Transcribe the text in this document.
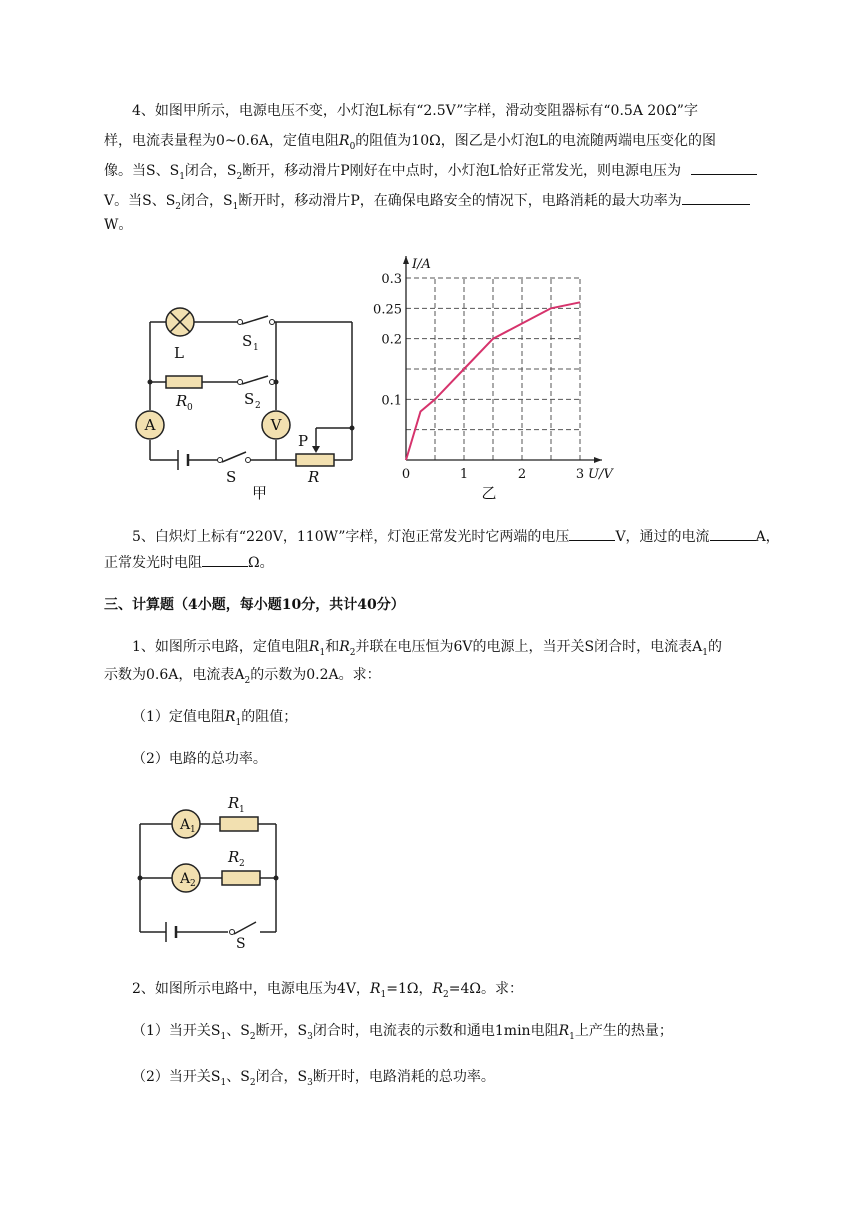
4、如图甲所示，电源电压不变，小灯泡L标有“2.5V”字样，滑动变阻器标有“0.5A 20Ω”字
样，电流表量程为0~0.6A，定值电阻$R_0$的阻值为10Ω，图乙是小灯泡L的电流随两端电压变化的图
像。当S、$S_1$闭合，$S_2$断开，移动滑片P刚好在中点时，小灯泡L恰好正常发光，则电源电压为
V。当S、$S_2$闭合，$S_1$断开时，移动滑片P，在确保电路安全的情况下，电路消耗的最大功率为
W。
A	V
L
S 1
R 0	S 2
P
S	R
甲
0	1	2	3
0.1
0.2
0.25
0.3
U/V
I/A
乙
5、白炽灯上标有“220V，110W”字样，灯泡正常发光时它两端的电压	V，通过的电流	A，
正常发光时电阻	Ω。
三、计算题（4小题，每小题10分，共计40分）
1、如图所示电路，定值电阻$R_1$和$R_2$并联在电压恒为6V的电源上，当开关S闭合时，电流表$A_1$的
示数为0.6A，电流表$A_2$的示数为0.2A。求：
（1）定值电阻$R_1$的阻值；
（2）电路的总功率。
A 1
A 2
R 1
R 2
S
2、如图所示电路中，电源电压为4V，$R_1=1\Omega$，$R_2=4\Omega$。求：
（1）当开关$S_1$、$S_2$断开，$S_3$闭合时，电流表的示数和通电1min电阻$R_1$上产生的热量；
（2）当开关$S_1$、$S_2$闭合，$S_3$断开时，电路消耗的总功率。
